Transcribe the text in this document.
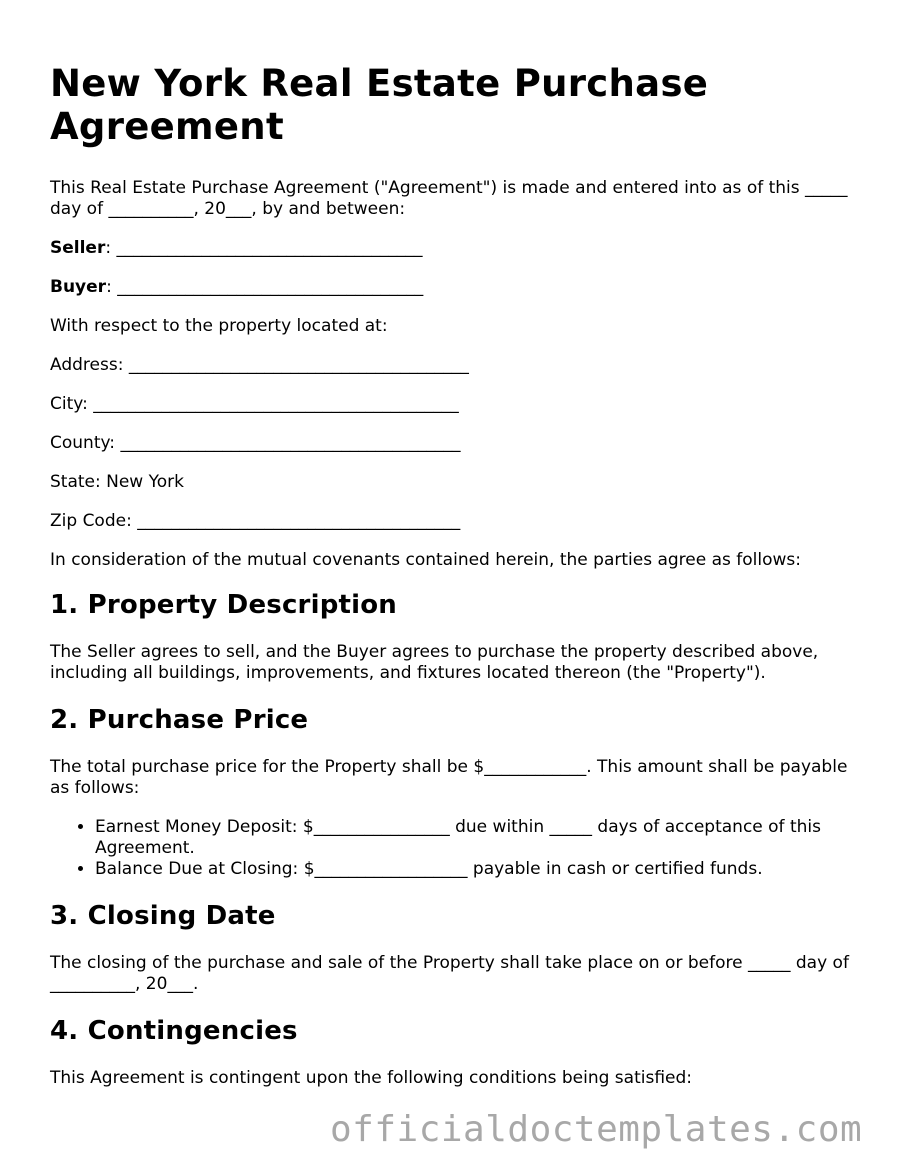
New York Real Estate Purchase Agreement

This Real Estate Purchase Agreement ("Agreement") is made and entered into as of this _____ day of __________, 20___, by and between:

Seller: ____________________________________

Buyer: ____________________________________

With respect to the property located at:

Address: ________________________________________

City: ___________________________________________

County: ________________________________________

State: New York

Zip Code: ______________________________________

In consideration of the mutual covenants contained herein, the parties agree as follows:

1. Property Description

The Seller agrees to sell, and the Buyer agrees to purchase the property described above, including all buildings, improvements, and fixtures located thereon (the "Property").

2. Purchase Price

The total purchase price for the Property shall be $____________. This amount shall be payable as follows:

• Earnest Money Deposit: $________________ due within _____ days of acceptance of this Agreement.
• Balance Due at Closing: $__________________ payable in cash or certified funds.
3. Closing Date

The closing of the purchase and sale of the Property shall take place on or before _____ day of __________, 20___.

4. Contingencies

This Agreement is contingent upon the following conditions being satisfied:

officialdoctemplates.com
